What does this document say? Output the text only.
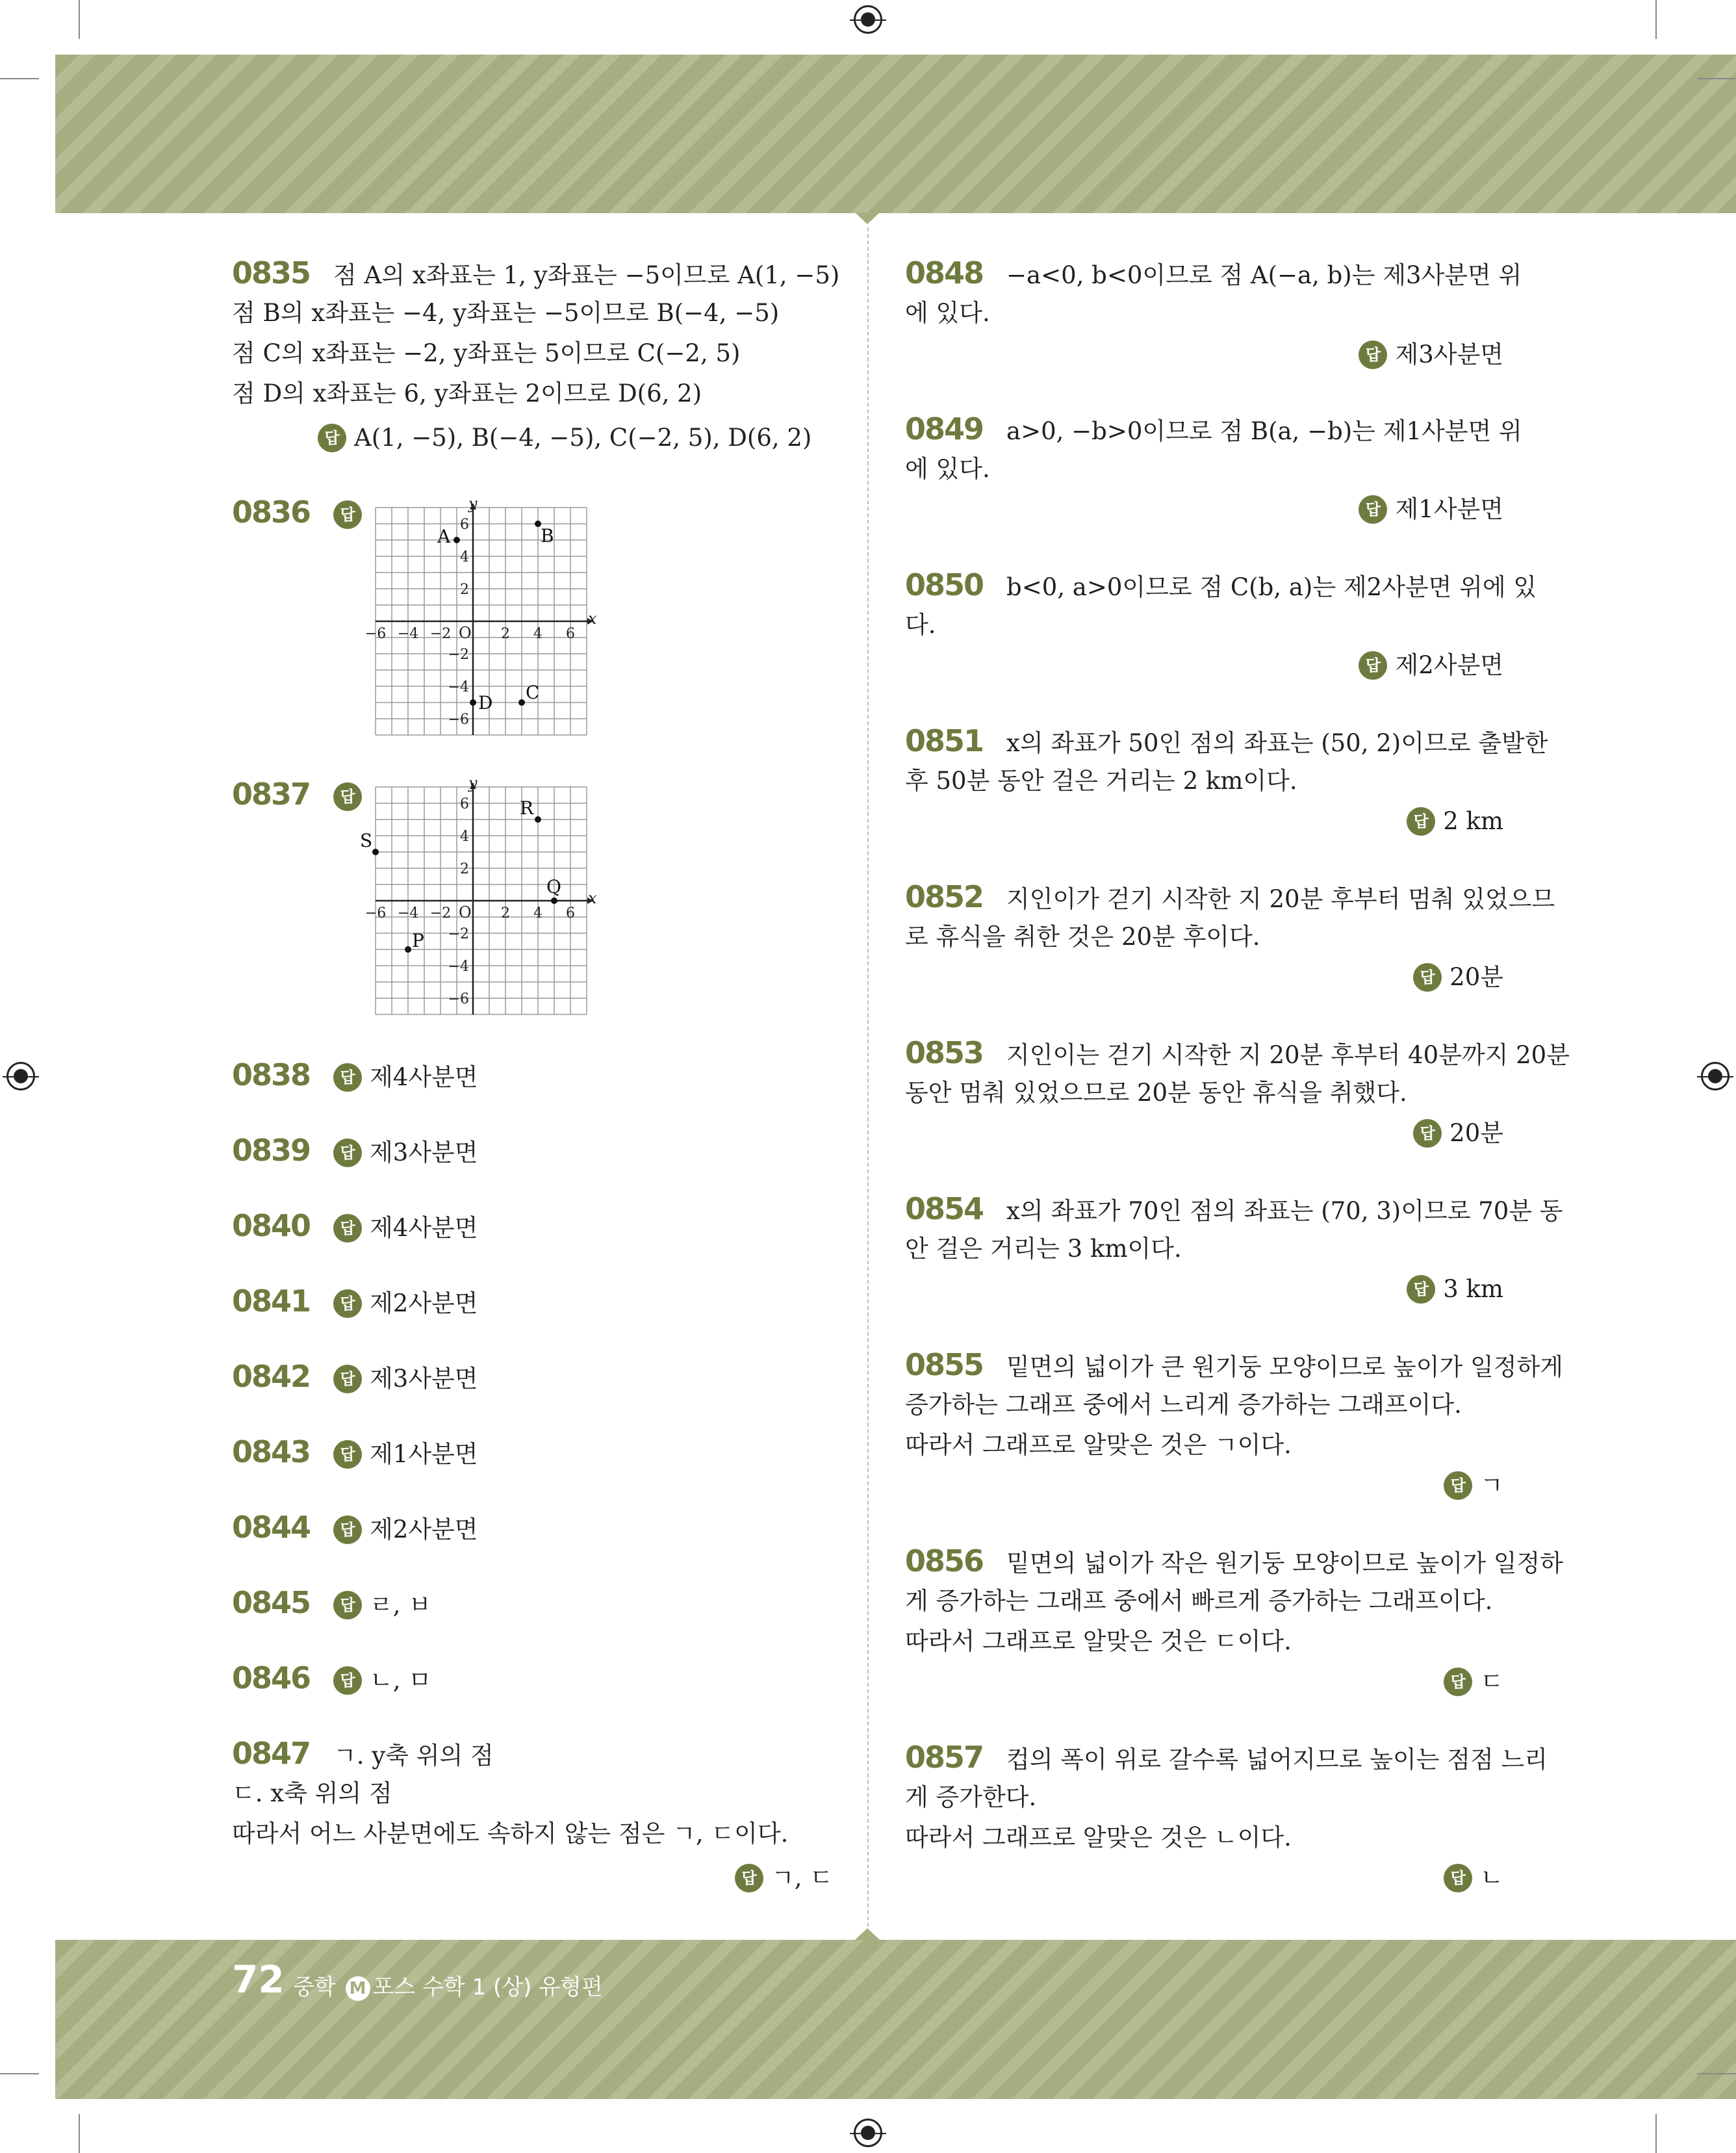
72 중학 M 포스 수학 1 (상) 유형편
0835 점 A의 x좌표는 1, y좌표는 −5이므로 A(1, −5)
점 B의 x좌표는 −4, y좌표는 −5이므로 B(−4, −5)
점 C의 x좌표는 −2, y좌표는 5이므로 C(−2, 5)
점 D의 x좌표는 6, y좌표는 2이므로 D(6, 2)
답 A(1, −5), B(−4, −5), C(−2, 5), D(6, 2)
0836 답
x
y
O
−6
−6
−4
−4
−2
−2
2
2
4
4
6
6
A	B
C
D
0837 답
x
y
O
−6
−6
−4
−4
−2
−2
2
2
4
4
6
6	R
S
Q
P
0838 답 제4사분면
0839 답 제3사분면
0840 답 제4사분면
0841 답 제2사분면
0842 답 제3사분면
0843 답 제1사분면
0844 답 제2사분면
0845 답 ㄹ, ㅂ
0846 답 ㄴ, ㅁ
0847 ㄱ. y축 위의 점
ㄷ. x축 위의 점
따라서 어느 사분면에도 속하지 않는 점은 ㄱ, ㄷ이다.
답 ㄱ, ㄷ
0848 −a<0, b<0이므로 점 A(−a, b)는 제3사분면 위
에 있다.
답 제3사분면
0849 a>0, −b>0이므로 점 B(a, −b)는 제1사분면 위
에 있다.
답 제1사분면
0850 b<0, a>0이므로 점 C(b, a)는 제2사분면 위에 있
다.
답 제2사분면
0851 x의 좌표가 50인 점의 좌표는 (50, 2)이므로 출발한
후 50분 동안 걸은 거리는 2 km이다.
답 2 km
0852 지인이가 걷기 시작한 지 20분 후부터 멈춰 있었으므
로 휴식을 취한 것은 20분 후이다.
답 20분
0853 지인이는 걷기 시작한 지 20분 후부터 40분까지 20분
동안 멈춰 있었으므로 20분 동안 휴식을 취했다.
답 20분
0854 x의 좌표가 70인 점의 좌표는 (70, 3)이므로 70분 동
안 걸은 거리는 3 km이다.
답 3 km
0855 밑면의 넓이가 큰 원기둥 모양이므로 높이가 일정하게
증가하는 그래프 중에서 느리게 증가하는 그래프이다.
따라서 그래프로 알맞은 것은 ㄱ이다.
답 ㄱ
0856 밑면의 넓이가 작은 원기둥 모양이므로 높이가 일정하
게 증가하는 그래프 중에서 빠르게 증가하는 그래프이다.
따라서 그래프로 알맞은 것은 ㄷ이다.
답 ㄷ
0857 컵의 폭이 위로 갈수록 넓어지므로 높이는 점점 느리
게 증가한다.
따라서 그래프로 알맞은 것은 ㄴ이다.
답 ㄴ
